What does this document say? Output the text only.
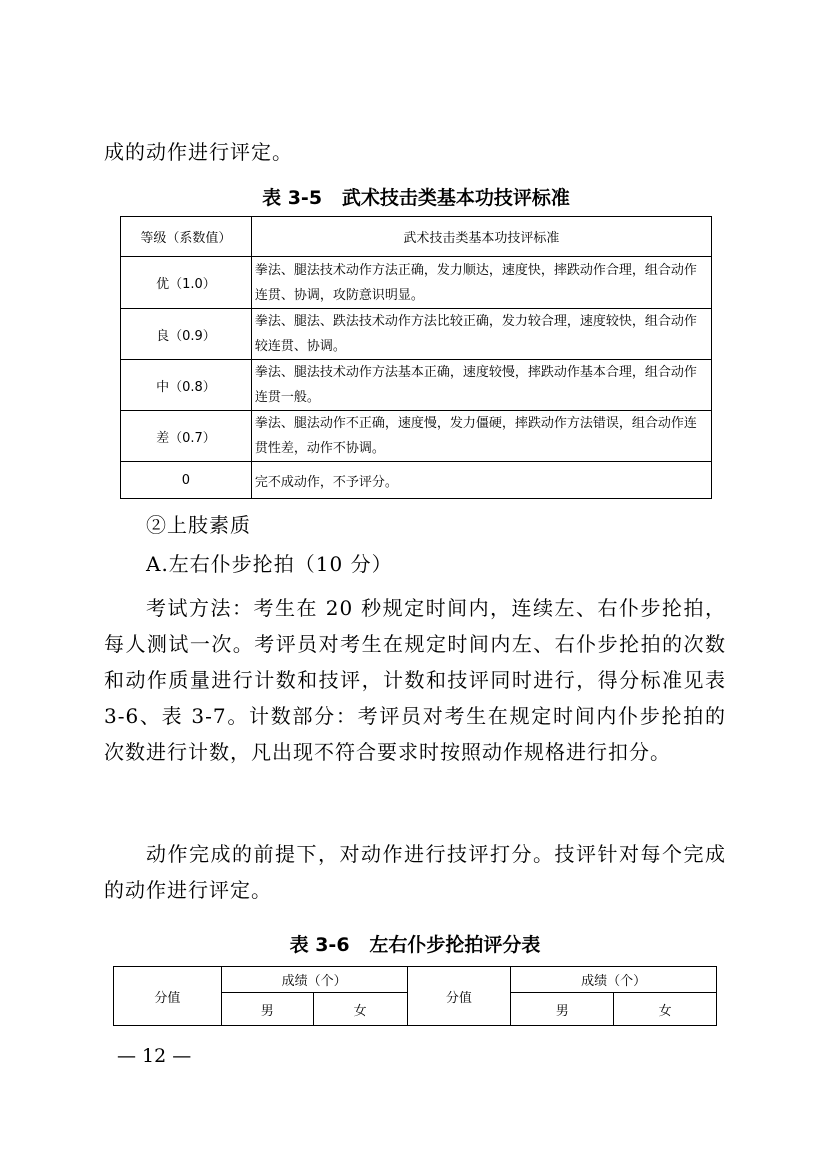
成的动作进行评定。

表 3-5   武术技击类基本功技评标准

等级（系数值）	武术技击类基本功技评标准
优（1.0）	拳法、腿法技术动作方法正确，发力顺达，速度快，摔跌动作合理，组合动作连贯、协调，攻防意识明显。
良（0.9）	拳法、腿法、跌法技术动作方法比较正确，发力较合理，速度较快，组合动作较连贯、协调。
中（0.8）	拳法、腿法技术动作方法基本正确，速度较慢，摔跌动作基本合理，组合动作连贯一般。
差（0.7）	拳法、腿法动作不正确，速度慢，发力僵硬，摔跌动作方法错误，组合动作连贯性差，动作不协调。
0	完不成动作，不予评分。

②上肢素质

A.左右仆步抡拍（10 分）

考试方法：考生在 20 秒规定时间内，连续左、右仆步抡拍，每人测试一次。考评员对考生在规定时间内左、右仆步抡拍的次数和动作质量进行计数和技评，计数和技评同时进行，得分标准见表 3-6、表 3-7。计数部分：考评员对考生在规定时间内仆步抡拍的次数进行计数，凡出现不符合要求时按照动作规格进行扣分。

动作完成的前提下，对动作进行技评打分。技评针对每个完成的动作进行评定。

表 3-6   左右仆步抡拍评分表

分值	成绩（个）		分值	成绩（个）	
	男	女		男	女

— 12 —
